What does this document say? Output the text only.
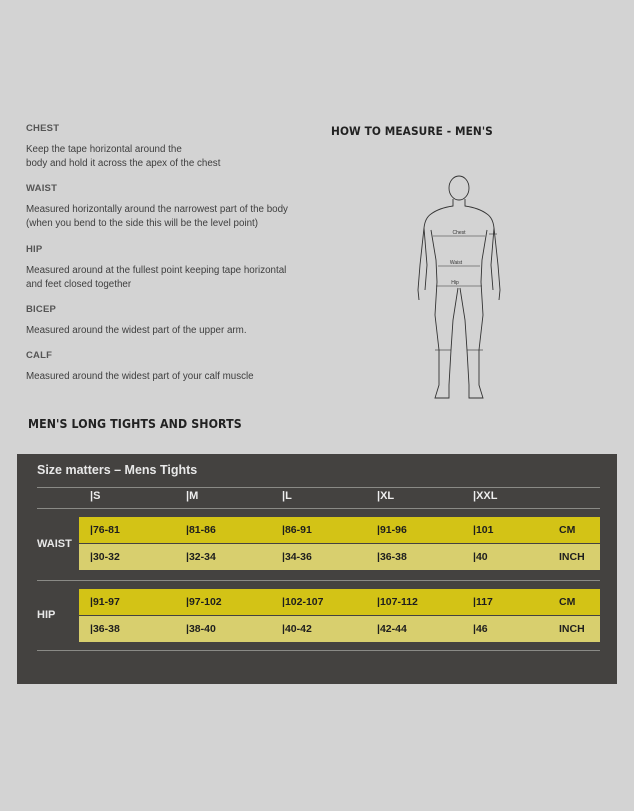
CHEST

Keep the tape horizontal around the
body and hold it across the apex of the chest

WAIST

Measured horizontally around the narrowest part of the body
(when you bend to the side this will be the level point)

HIP

Measured around at the fullest point keeping tape horizontal
and feet closed together

BICEP

Measured around the widest part of the upper arm.

CALF

Measured around the widest part of your calf muscle

HOW TO MEASURE - MEN'S
Chest
Waist
Hip
MEN'S LONG TIGHTS AND SHORTS
Size matters – Mens Tights
|S	|M	|L	|XL	|XXL
WAIST
|76-81	|81-86	|86-91	|91-96	|101	CM
|30-32	|32-34	|34-36	|36-38	|40	INCH
HIP
|91-97	|97-102	|102-107	|107-112	|117	CM
|36-38	|38-40	|40-42	|42-44	|46	INCH
